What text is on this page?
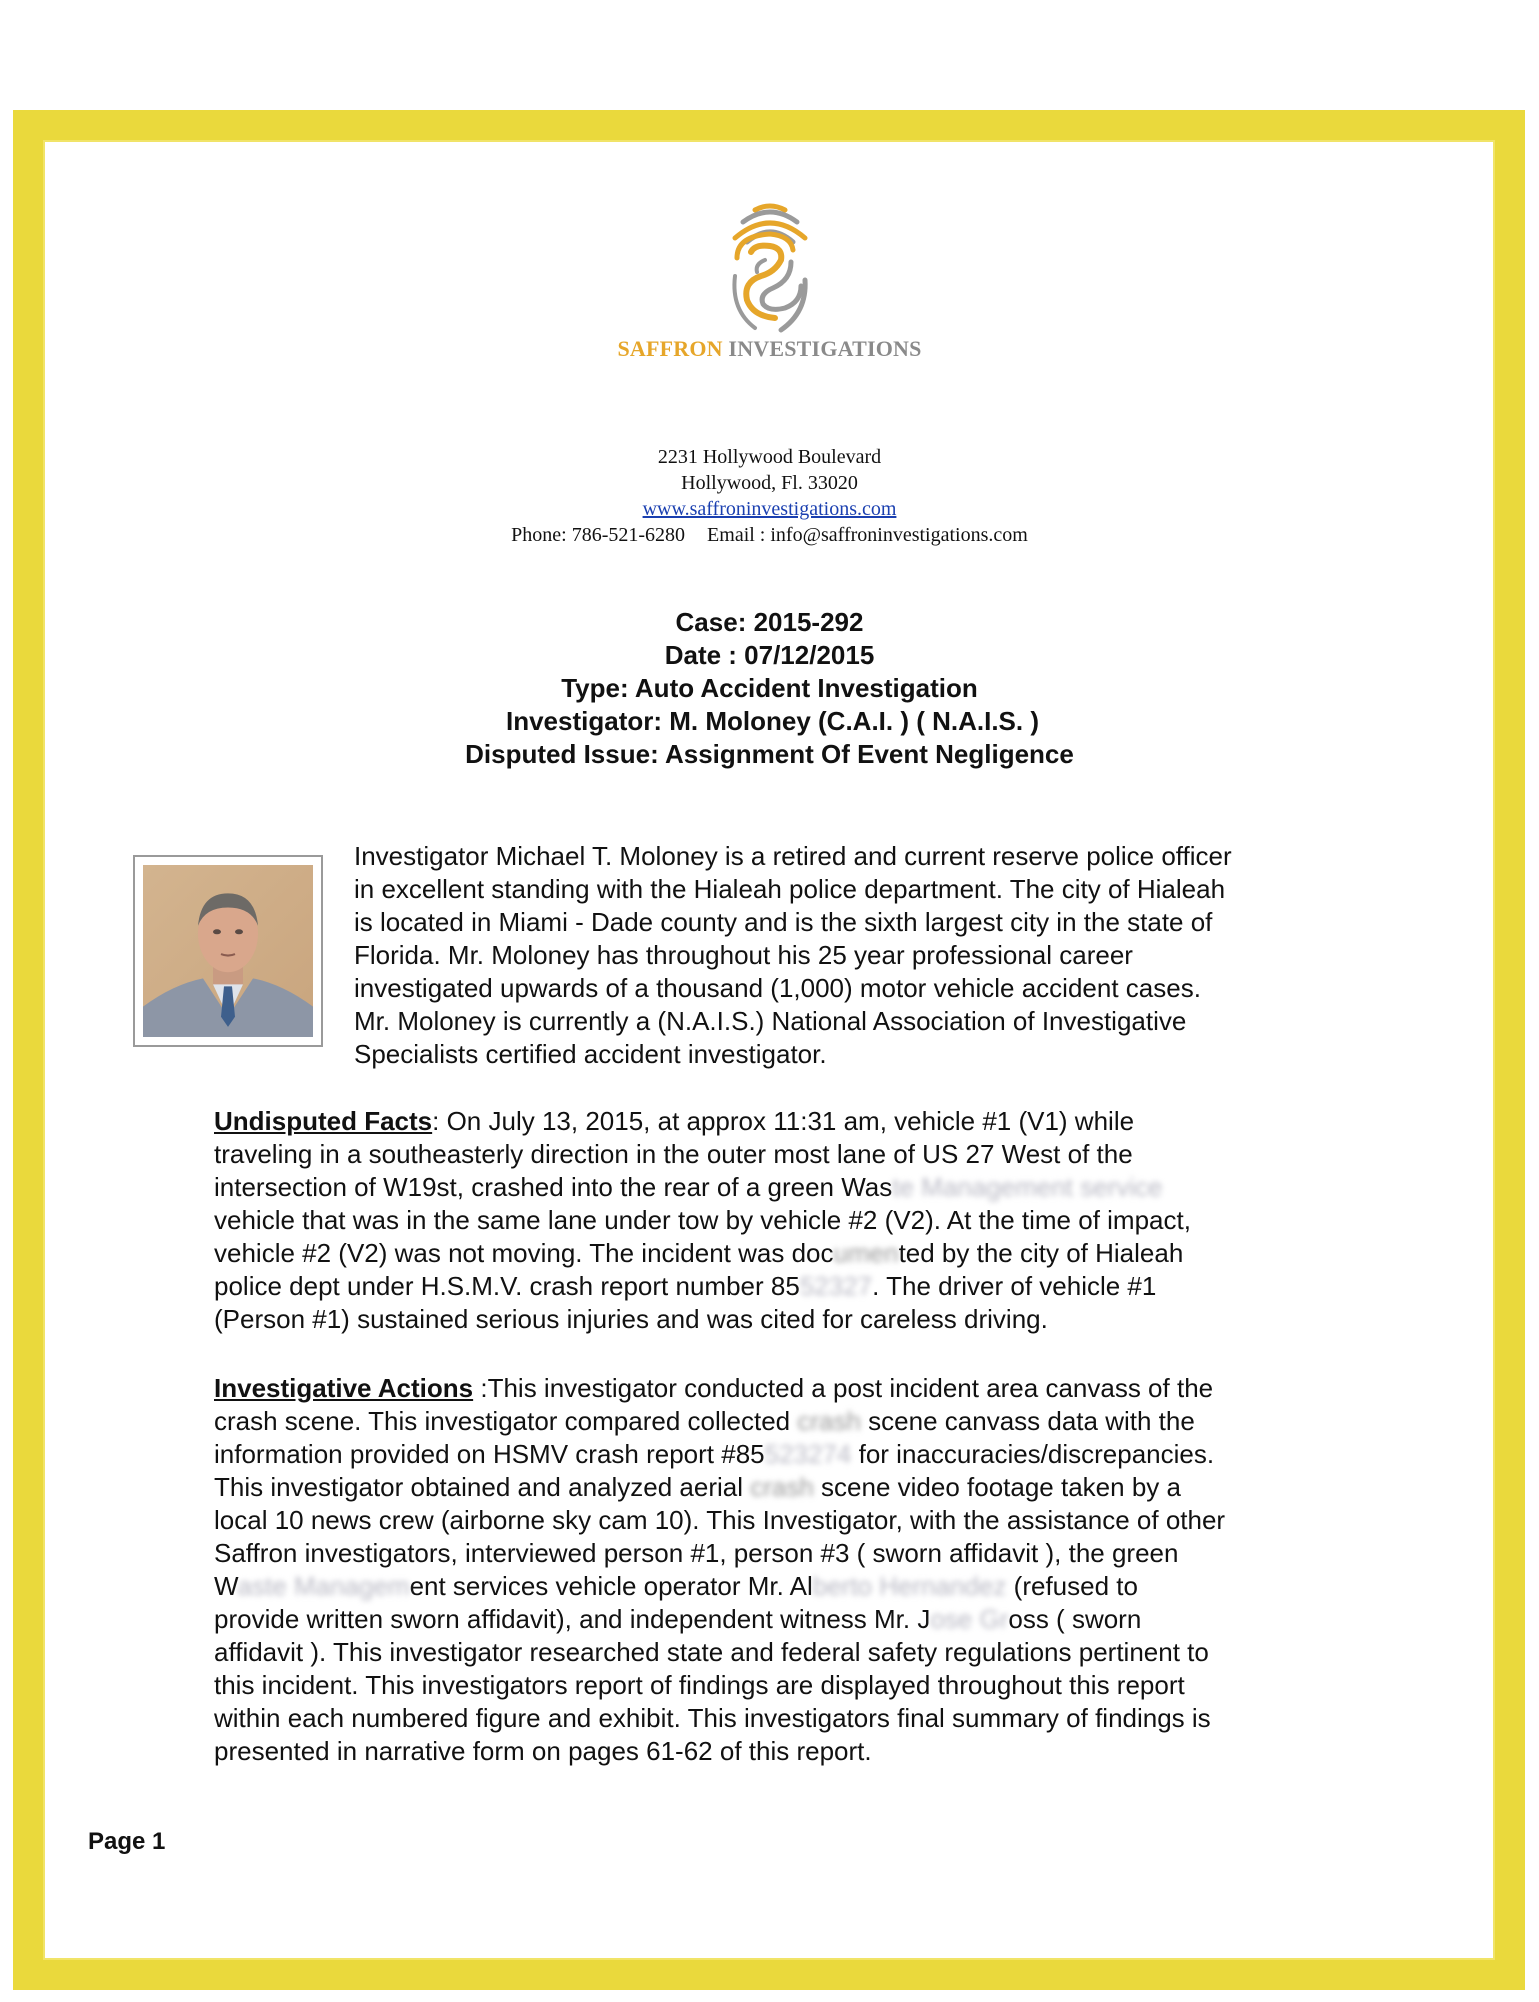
SAFFRON INVESTIGATIONS
2231 Hollywood Boulevard
Hollywood, Fl. 33020
www.saffroninvestigations.com
Phone: 786-521-6280 Email : info@saffroninvestigations.com
Case: 2015-292
Date : 07/12/2015
Type: Auto Accident Investigation
Investigator: M. Moloney (C.A.I. ) ( N.A.I.S. )
Disputed Issue: Assignment Of Event Negligence
Investigator Michael T. Moloney is a retired and current reserve police officer
in excellent standing with the Hialeah police department. The city of Hialeah
is located in Miami - Dade county and is the sixth largest city in the state of
Florida. Mr. Moloney has throughout his 25 year professional career
investigated upwards of a thousand (1,000) motor vehicle accident cases.
Mr. Moloney is currently a (N.A.I.S.) National Association of Investigative
Specialists certified accident investigator.
Undisputed Facts: On July 13, 2015, at approx 11:31 am, vehicle #1 (V1) while
traveling in a southeasterly direction in the outer most lane of US 27 West of the
intersection of W19st, crashed into the rear of a green Waste Management service
vehicle that was in the same lane under tow by vehicle #2 (V2). At the time of impact,
vehicle #2 (V2) was not moving. The incident was documented by the city of Hialeah
police dept under H.S.M.V. crash report number 8552327. The driver of vehicle #1
(Person #1) sustained serious injuries and was cited for careless driving.
Investigative Actions :This investigator conducted a post incident area canvass of the
crash scene. This investigator compared collected crash scene canvass data with the
information provided on HSMV crash report #85523274 for inaccuracies/discrepancies.
This investigator obtained and analyzed aerial crash scene video footage taken by a
local 10 news crew (airborne sky cam 10). This Investigator, with the assistance of other
Saffron investigators, interviewed person #1, person #3 ( sworn affidavit ), the green
Waste Management services vehicle operator Mr. Alberto Hernandez (refused to
provide written sworn affidavit), and independent witness Mr. Jose Gross ( sworn
affidavit ). This investigator researched state and federal safety regulations pertinent to
this incident. This investigators report of findings are displayed throughout this report
within each numbered figure and exhibit. This investigators final summary of findings is
presented in narrative form on pages 61-62 of this report.
Page 1
